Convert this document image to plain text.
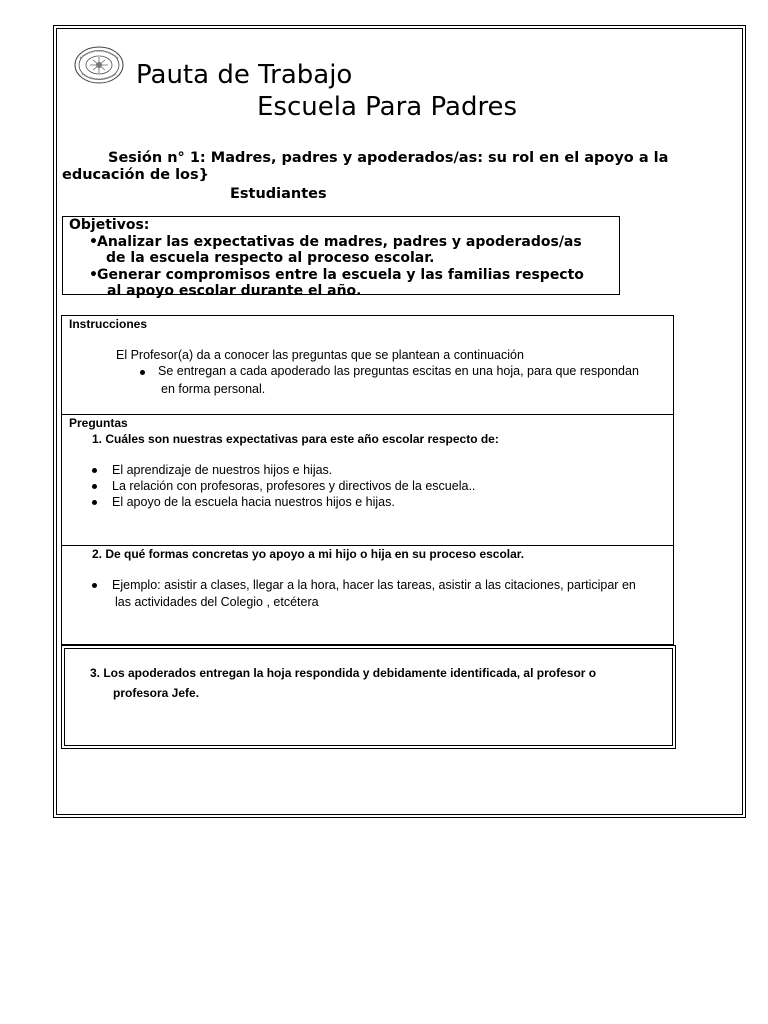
Pauta de Trabajo
Escuela Para Padres
Sesión n° 1: Madres, padres y apoderados/as: su rol en el apoyo a la
educación de los}
Estudiantes
Objetivos:
• Analizar las expectativas de madres, padres y apoderados/as
de la escuela respecto al proceso escolar.
• Generar compromisos entre la escuela y las familias respecto
al apoyo escolar durante el año.

Instrucciones
El Profesor(a) da a conocer las preguntas que se plantean a continuación
Se entregan a cada apoderado las preguntas escitas en una hoja, para que respondan
en forma personal.
Preguntas
1. Cuáles son nuestras expectativas para este año escolar respecto de:
El aprendizaje de nuestros hijos e hijas.
La relación con profesoras, profesores y directivos de la escuela..
El apoyo de la escuela hacia nuestros hijos e hijas.
2. De qué formas concretas yo apoyo a mi hijo o hija en su proceso escolar.
Ejemplo: asistir a clases, llegar a la hora, hacer las tareas, asistir a las citaciones, participar en
las actividades del Colegio , etcétera
3. Los apoderados entregan la hoja respondida y debidamente identificada, al profesor o
profesora Jefe.
